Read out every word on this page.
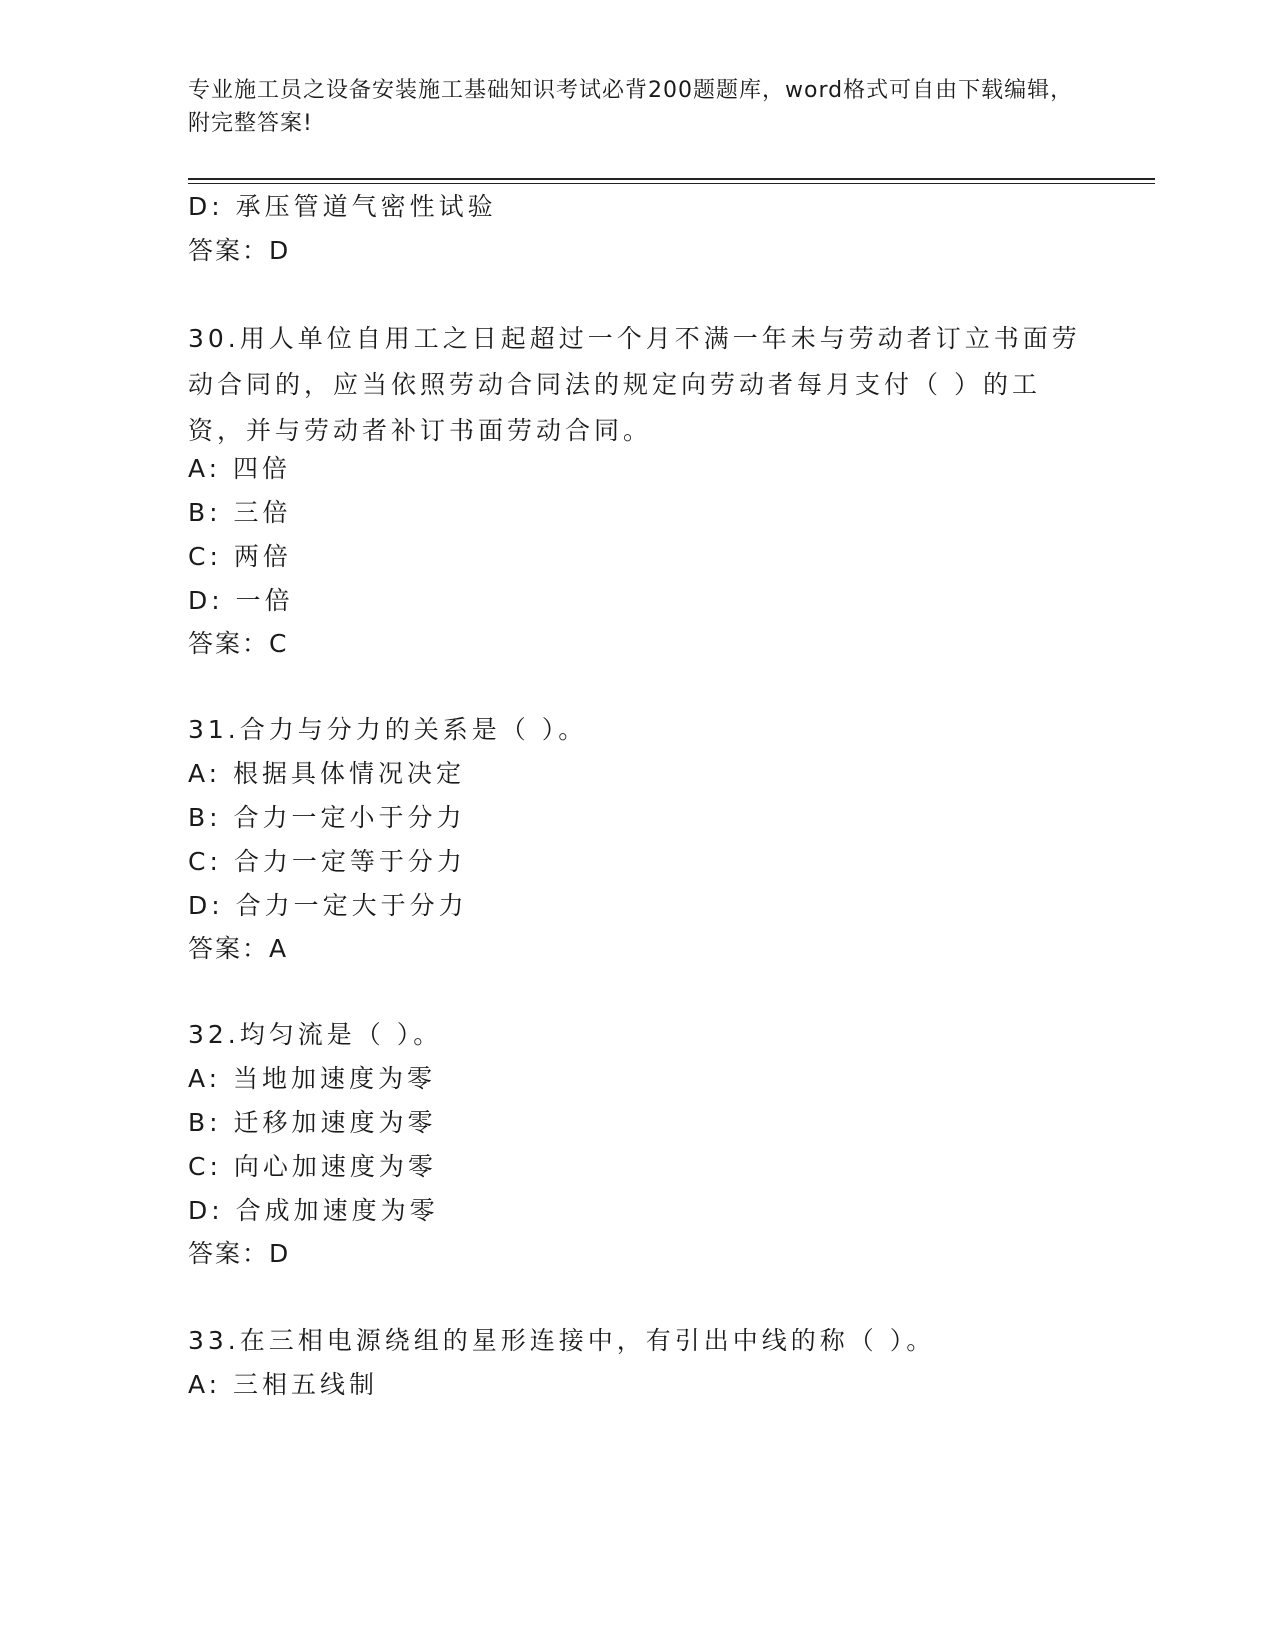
专业施工员之设备安装施工基础知识考试必背200题题库，word格式可自由下载编辑，附完整答案!
D: 承压管道气密性试验
答案：D
30.用人单位自用工之日起超过一个月不满一年未与劳动者订立书面劳动合同的，应当依照劳动合同法的规定向劳动者每月支付（ ）的工资，并与劳动者补订书面劳动合同。
A: 四倍
B: 三倍
C: 两倍
D: 一倍
答案：C
31.合力与分力的关系是（ ）。
A: 根据具体情况决定
B: 合力一定小于分力
C: 合力一定等于分力
D: 合力一定大于分力
答案：A
32.均匀流是（ ）。
A: 当地加速度为零
B: 迁移加速度为零
C: 向心加速度为零
D: 合成加速度为零
答案：D
33.在三相电源绕组的星形连接中，有引出中线的称（ ）。
A: 三相五线制
